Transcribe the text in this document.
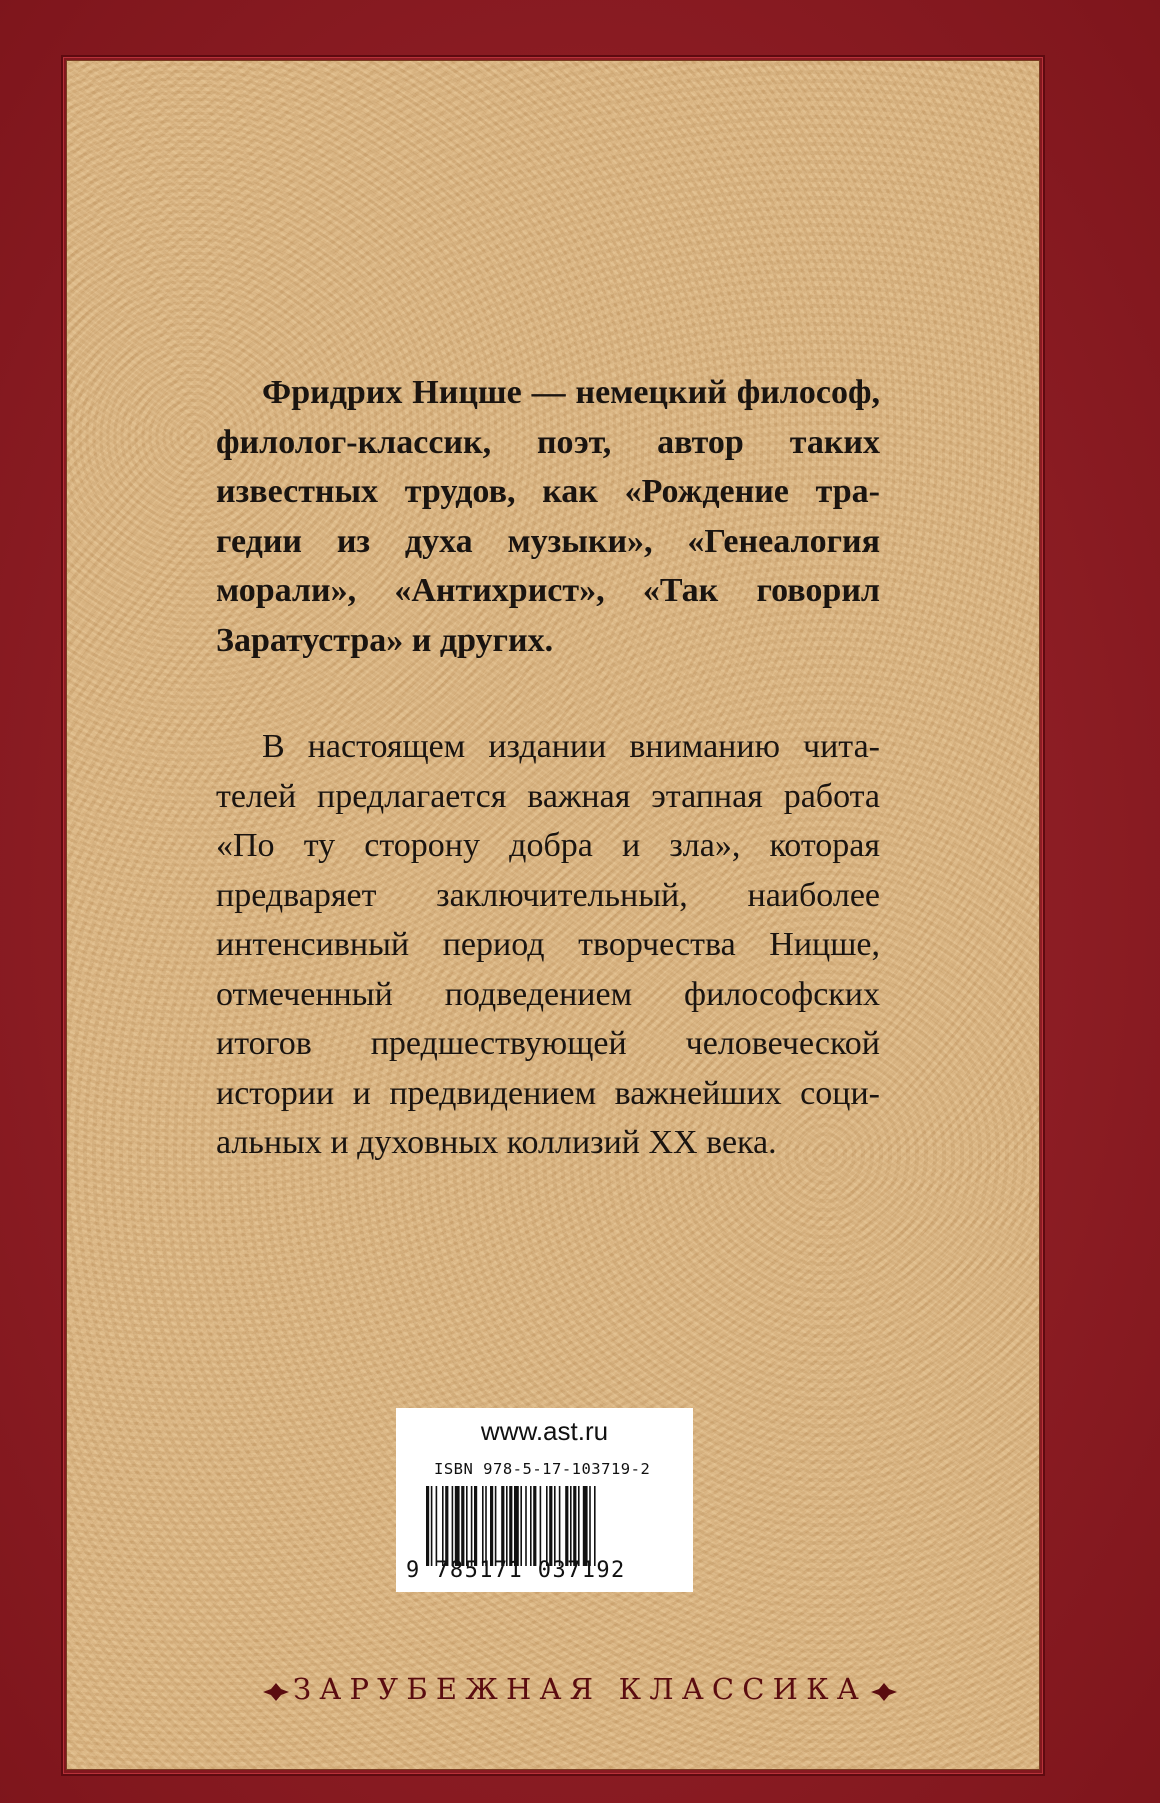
Фридрих Ницше — немецкий философ, филолог-классик, поэт, автор таких известных трудов, как «Рождение трагедии из духа музыки», «Генеалогия морали», «Антихрист», «Так говорил Заратустра» и других.

В настоящем издании вниманию читателей предлагается важная этапная работа «По ту сторону добра и зла», которая предваряет заключительный, наиболее интенсивный период творчества Ницше, отмеченный подведением философских итогов предшествующей человеческой истории и предвидением важнейших социальных и духовных коллизий XX века.

www.ast.ru
ISBN 978-5-17-103719-2
9 785171 037192
ЗАРУБЕЖНАЯ КЛАССИКА
